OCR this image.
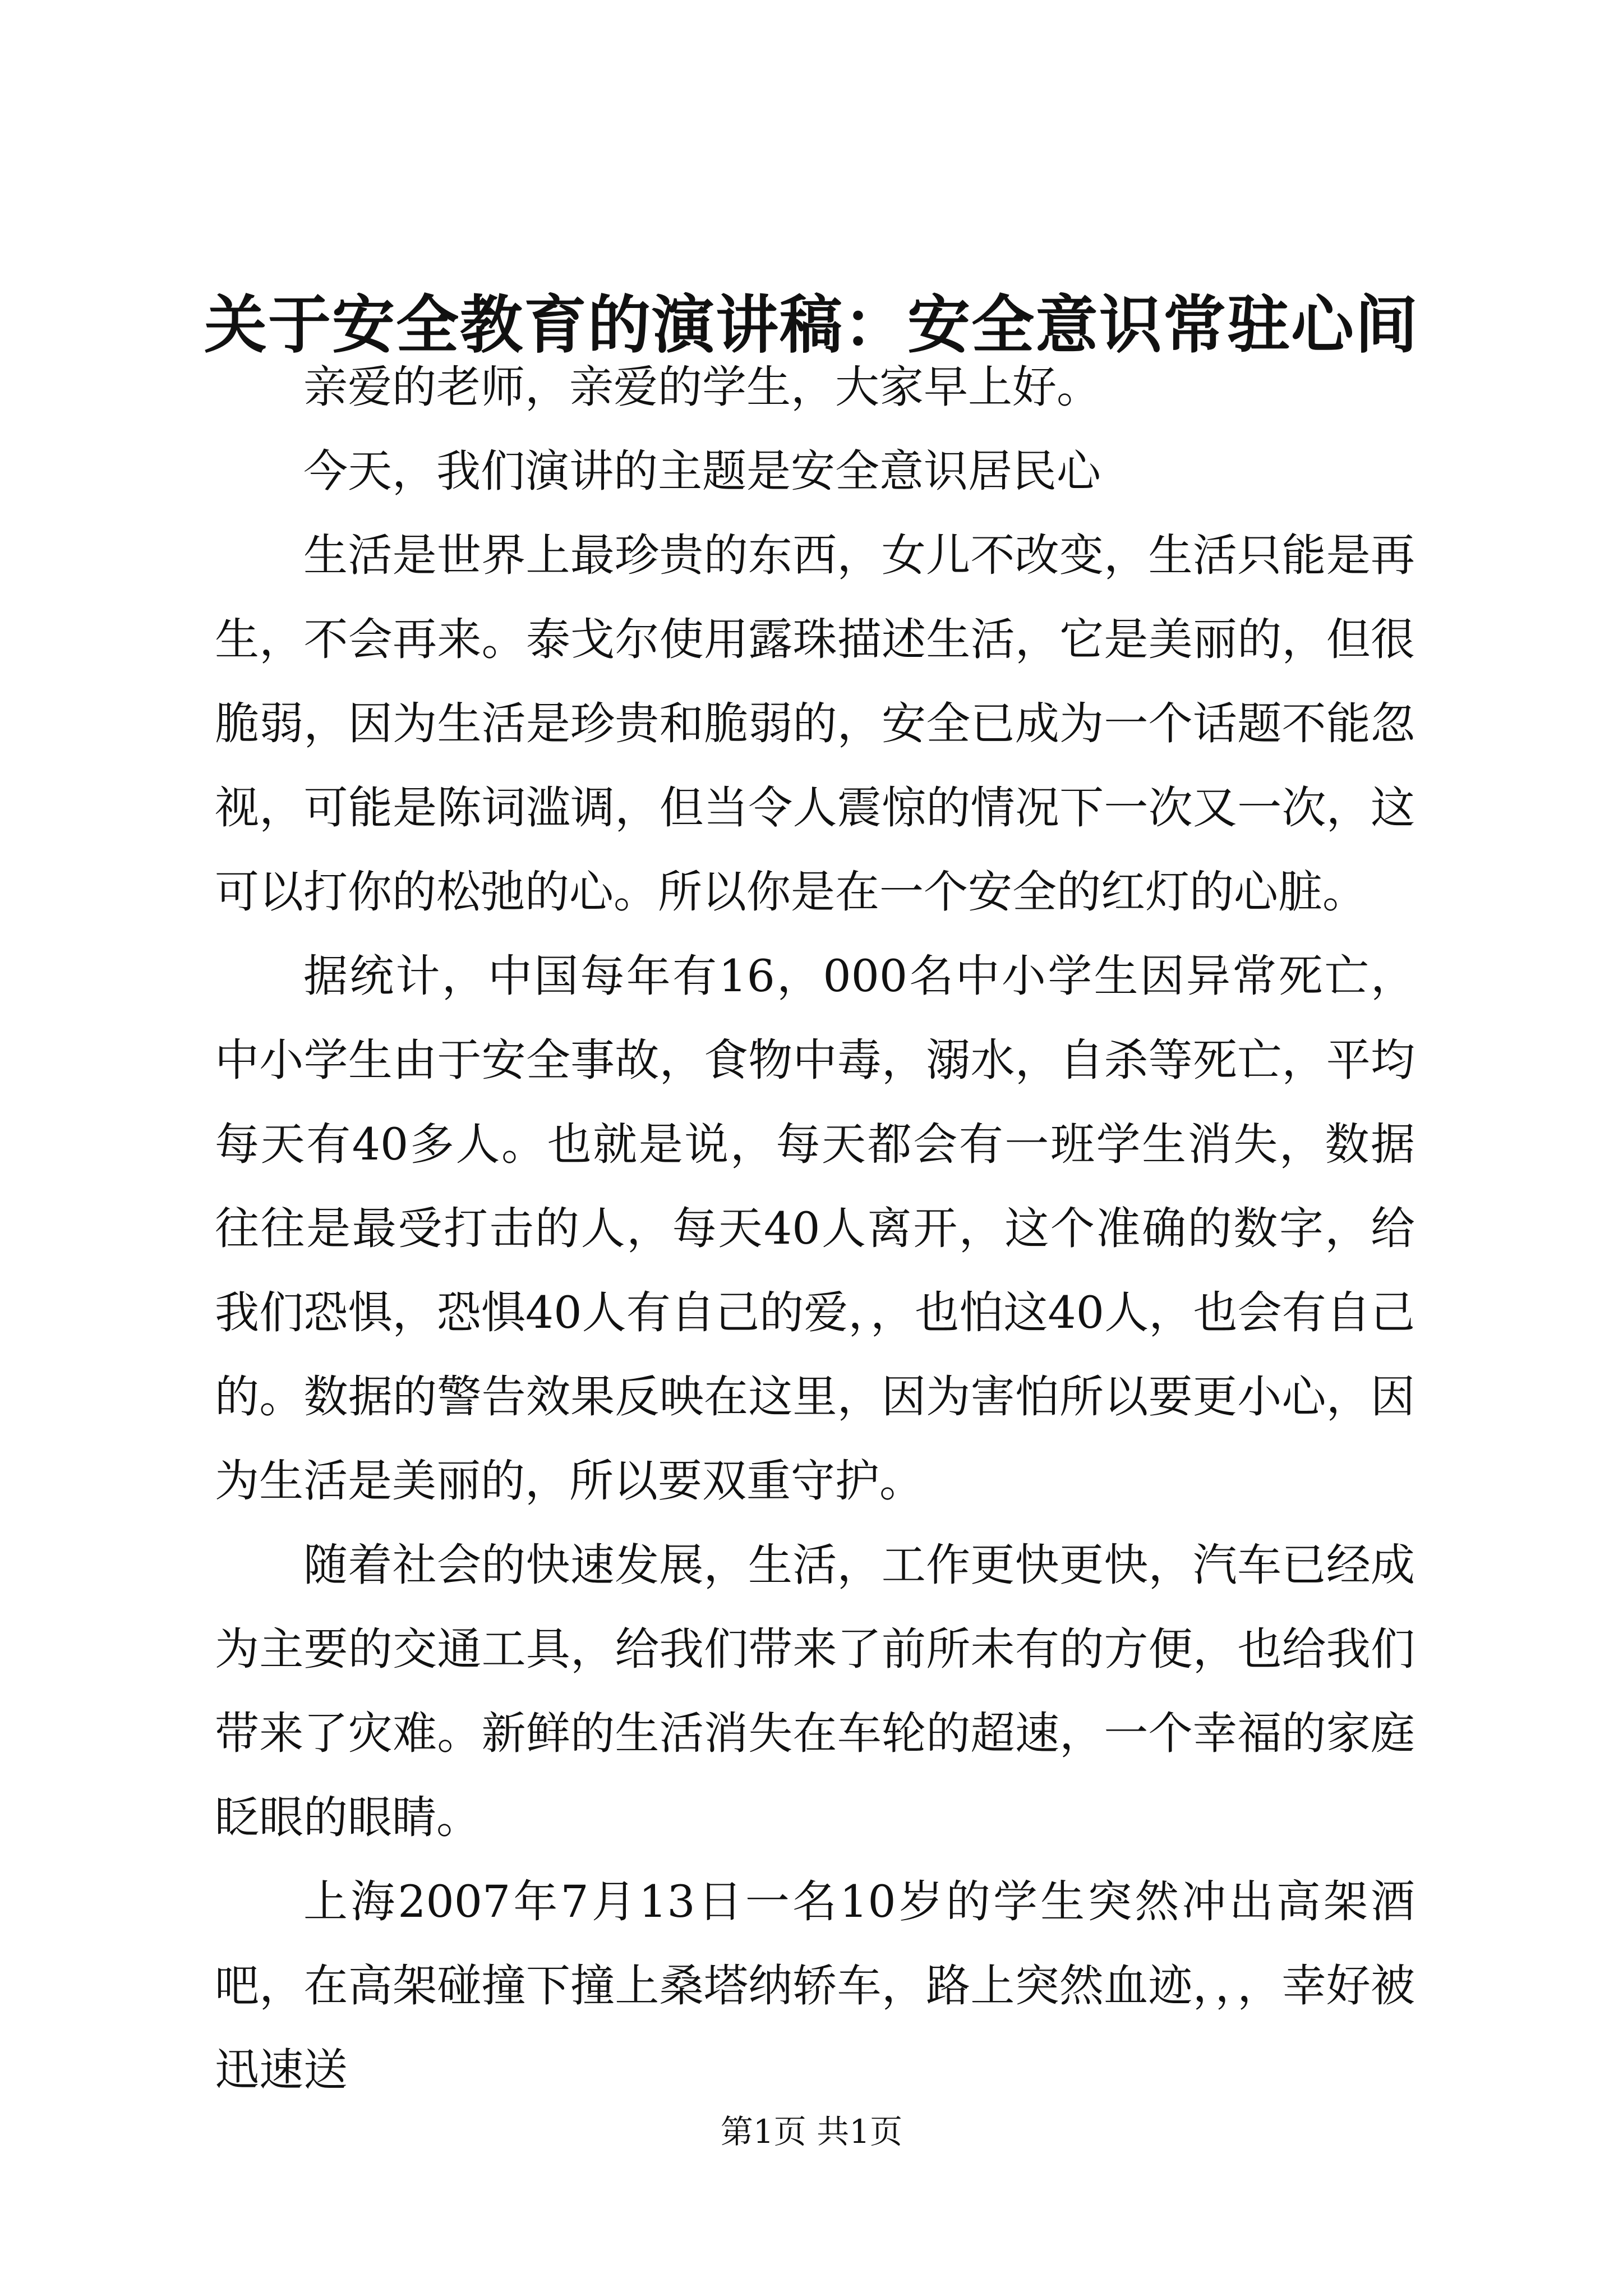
关于安全教育的演讲稿：安全意识常驻心间

亲爱的老师，亲爱的学生，大家早上好。

今天，我们演讲的主题是安全意识居民心

生活是世界上最珍贵的东西，女儿不改变，生活只能是再生，不会再来。泰戈尔使用露珠描述生活，它是美丽的，但很脆弱，因为生活是珍贵和脆弱的，安全已成为一个话题不能忽视，可能是陈词滥调，但当令人震惊的情况下一次又一次，这可以打你的松弛的心。所以你是在一个安全的红灯的心脏。

据统计，中国每年有16，000名中小学生因异常死亡，中小学生由于安全事故，食物中毒，溺水，自杀等死亡，平均每天有40多人。也就是说，每天都会有一班学生消失，数据往往是最受打击的人，每天40人离开，这个准确的数字，给我们恐惧，恐惧40人有自己的爱，，也怕这40人，也会有自己的。数据的警告效果反映在这里，因为害怕所以要更小心，因为生活是美丽的，所以要双重守护。

随着社会的快速发展，生活，工作更快更快，汽车已经成为主要的交通工具，给我们带来了前所未有的方便，也给我们带来了灾难。新鲜的生活消失在车轮的超速，一个幸福的家庭眨眼的眼睛。

上海2007年7月13日一名10岁的学生突然冲出高架酒吧，在高架碰撞下撞上桑塔纳轿车，路上突然血迹，，，幸好被迅速送

第1页 共1页
